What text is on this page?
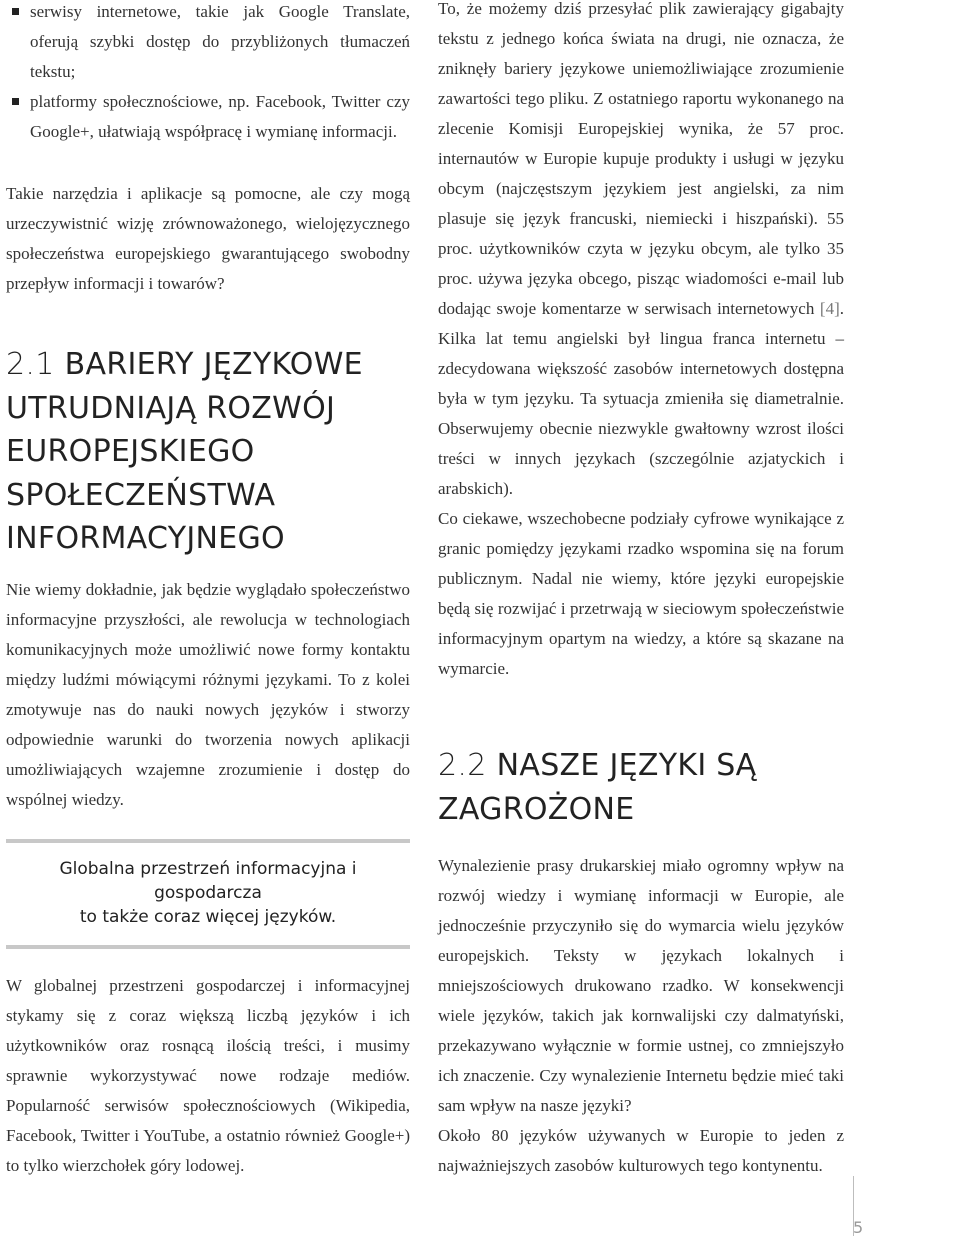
serwisy internetowe, takie jak Google Translate, oferują szybki dostęp do przybliżonych tłumaczeń tekstu;
platformy społecznościowe, np. Facebook, Twitter czy Google+, ułatwiają współpracę i wymianę informacji.

Takie narzędzia i aplikacje są pomocne, ale czy mogą urzeczywistnić wizję zrównoważonego, wielojęzycznego społeczeństwa europejskiego gwarantującego swobodny przepływ informacji i towarów?

2.1 BARIERY JĘZYKOWE UTRUDNIAJĄ ROZWÓJ EUROPEJSKIEGO SPOŁECZEŃSTWA INFORMACYJNEGO

Nie wiemy dokładnie, jak będzie wyglądało społeczeństwo informacyjne przyszłości, ale rewolucja w technologiach komunikacyjnych może umożliwić nowe formy kontaktu między ludźmi mówiącymi różnymi językami. To z kolei zmotywuje nas do nauki nowych języków i stworzy odpowiednie warunki do tworzenia nowych aplikacji umożliwiających wzajemne zrozumienie i dostęp do wspólnej wiedzy.

Globalna przestrzeń informacyjna i gospodarcza
to także coraz więcej języków.

W globalnej przestrzeni gospodarczej i informacyjnej stykamy się z coraz większą liczbą języków i ich użytkowników oraz rosnącą ilością treści, i musimy sprawnie wykorzystywać nowe rodzaje mediów. Popularność serwisów społecznościowych (Wikipedia, Facebook, Twitter i YouTube, a ostatnio również Google+) to tylko wierzchołek góry lodowej.

To, że możemy dziś przesyłać plik zawierający gigabajty tekstu z jednego końca świata na drugi, nie oznacza, że zniknęły bariery językowe uniemożliwiające zrozumienie zawartości tego pliku. Z ostatniego raportu wykonanego na zlecenie Komisji Europejskiej wynika, że 57 proc. internautów w Europie kupuje produkty i usługi w języku obcym (najczęstszym językiem jest angielski, za nim plasuje się język francuski, niemiecki i hiszpański). 55 proc. użytkowników czyta w języku obcym, ale tylko 35 proc. używa języka obcego, pisząc wiadomości e-mail lub dodając swoje komentarze w serwisach internetowych [4]. Kilka lat temu angielski był lingua franca internetu – zdecydowana większość zasobów internetowych dostępna była w tym języku. Ta sytuacja zmieniła się diametralnie. Obserwujemy obecnie niezwykle gwałtowny wzrost ilości treści w innych językach (szczególnie azjatyckich i arabskich).

Co ciekawe, wszechobecne podziały cyfrowe wynikające z granic pomiędzy językami rzadko wspomina się na forum publicznym. Nadal nie wiemy, które języki europejskie będą się rozwijać i przetrwają w sieciowym społeczeństwie informacyjnym opartym na wiedzy, a które są skazane na wymarcie.

2.2 NASZE JĘZYKI SĄ ZAGROŻONE

Wynalezienie prasy drukarskiej miało ogromny wpływ na rozwój wiedzy i wymianę informacji w Europie, ale jednocześnie przyczyniło się do wymarcia wielu języków europejskich. Teksty w językach lokalnych i mniejszościowych drukowano rzadko. W konsekwencji wiele języków, takich jak kornwalijski czy dalmatyński, przekazywano wyłącznie w formie ustnej, co zmniejszyło ich znaczenie. Czy wynalezienie Internetu będzie mieć taki sam wpływ na nasze języki?

Około 80 języków używanych w Europie to jeden z najważniejszych zasobów kulturowych tego kontynentu.

5
